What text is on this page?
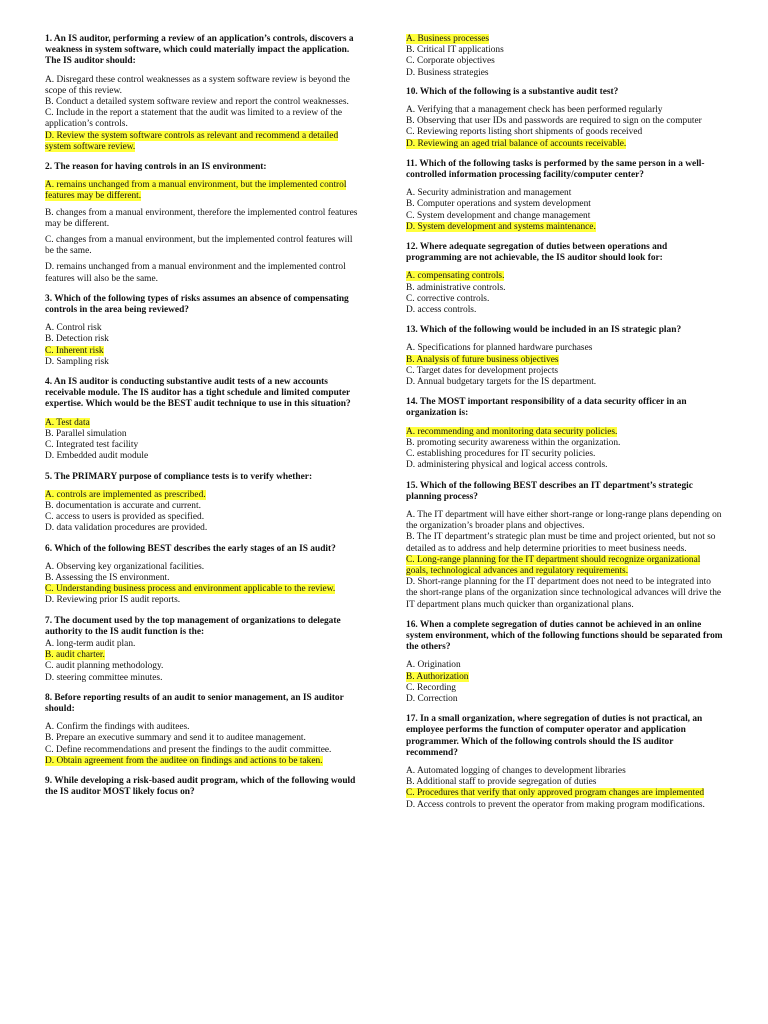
1. An IS auditor, performing a review of an application’s controls, discovers a weakness in system software, which could materially impact the application. The IS auditor should:
A. Disregard these control weaknesses as a system software review is beyond the scope of this review.
B. Conduct a detailed system software review and report the control weaknesses.
C. Include in the report a statement that the audit was limited to a review of the application’s controls.
D. Review the system software controls as relevant and recommend a detailed system software review.
2. The reason for having controls in an IS environment:
A. remains unchanged from a manual environment, but the implemented control features may be different.
B. changes from a manual environment, therefore the implemented control features may be different.
C. changes from a manual environment, but the implemented control features will be the same.
D. remains unchanged from a manual environment and the implemented control features will also be the same.
3. Which of the following types of risks assumes an absence of compensating controls in the area being reviewed?
A. Control risk
B. Detection risk
C. Inherent risk
D. Sampling risk
4. An IS auditor is conducting substantive audit tests of a new accounts receivable module. The IS auditor has a tight schedule and limited computer expertise. Which would be the BEST audit technique to use in this situation?
A. Test data
B. Parallel simulation
C. Integrated test facility
D. Embedded audit module
5. The PRIMARY purpose of compliance tests is to verify whether:
A. controls are implemented as prescribed.
B. documentation is accurate and current.
C. access to users is provided as specified.
D. data validation procedures are provided.
6. Which of the following BEST describes the early stages of an IS audit?
A. Observing key organizational facilities.
B. Assessing the IS environment.
C. Understanding business process and environment applicable to the review.
D. Reviewing prior IS audit reports.
7. The document used by the top management of organizations to delegate authority to the IS audit function is the:
A. long-term audit plan.
B. audit charter.
C. audit planning methodology.
D. steering committee minutes.
8. Before reporting results of an audit to senior management, an IS auditor should:
A. Confirm the findings with auditees.
B. Prepare an executive summary and send it to auditee management.
C. Define recommendations and present the findings to the audit committee.
D. Obtain agreement from the auditee on findings and actions to be taken.
9. While developing a risk-based audit program, which of the following would the IS auditor MOST likely focus on?
A. Business processes
B. Critical IT applications
C. Corporate objectives
D. Business strategies
10. Which of the following is a substantive audit test?
A. Verifying that a management check has been performed regularly
B. Observing that user IDs and passwords are required to sign on the computer
C. Reviewing reports listing short shipments of goods received
D. Reviewing an aged trial balance of accounts receivable.
11. Which of the following tasks is performed by the same person in a well-controlled information processing facility/computer center?
A. Security administration and management
B. Computer operations and system development
C. System development and change management
D. System development and systems maintenance.
12. Where adequate segregation of duties between operations and programming are not achievable, the IS auditor should look for:
A. compensating controls.
B. administrative controls.
C. corrective controls.
D. access controls.
13. Which of the following would be included in an IS strategic plan?
A. Specifications for planned hardware purchases
B. Analysis of future business objectives
C. Target dates for development projects
D. Annual budgetary targets for the IS department.
14. The MOST important responsibility of a data security officer in an organization is:
A. recommending and monitoring data security policies.
B. promoting security awareness within the organization.
C. establishing procedures for IT security policies.
D. administering physical and logical access controls.
15. Which of the following BEST describes an IT department’s strategic planning process?
A. The IT department will have either short-range or long-range plans depending on the organization’s broader plans and objectives.
B. The IT department’s strategic plan must be time and project oriented, but not so detailed as to address and help determine priorities to meet business needs.
C. Long-range planning for the IT department should recognize organizational goals, technological advances and regulatory requirements.
D. Short-range planning for the IT department does not need to be integrated into the short-range plans of the organization since technological advances will drive the IT department plans much quicker than organizational plans.
16. When a complete segregation of duties cannot be achieved in an online system environment, which of the following functions should be separated from the others?
A. Origination
B. Authorization
C. Recording
D. Correction
17. In a small organization, where segregation of duties is not practical, an employee performs the function of computer operator and application programmer. Which of the following controls should the IS auditor recommend?
A. Automated logging of changes to development libraries
B. Additional staff to provide segregation of duties
C. Procedures that verify that only approved program changes are implemented
D. Access controls to prevent the operator from making program modifications.
